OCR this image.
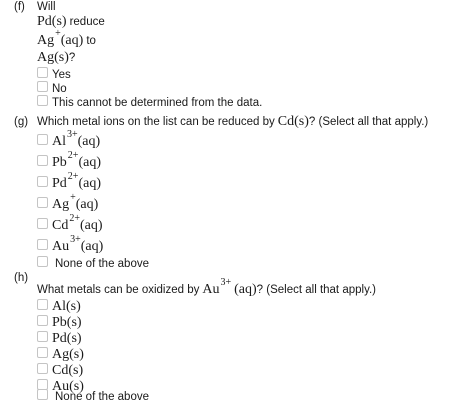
(f) Will
Pd (s) reduce
Ag + (aq) to
Ag (s) ?
Yes
No
This cannot be determined from the data.
(g) Which metal ions on the list can be reduced by Cd (s) ? (Select all that apply.)
Al 3+ (aq)
Pb 2+ (aq)
Pd 2+ (aq)
Ag + (aq)
Cd 2+ (aq)
Au 3+ (aq)
None of the above
(h)
What metals can be oxidized by Au 3+ (aq) ? (Select all that apply.)
Al(s)
Pb(s)
Pd(s)
Ag(s)
Cd(s)
Au(s)
None of the above
